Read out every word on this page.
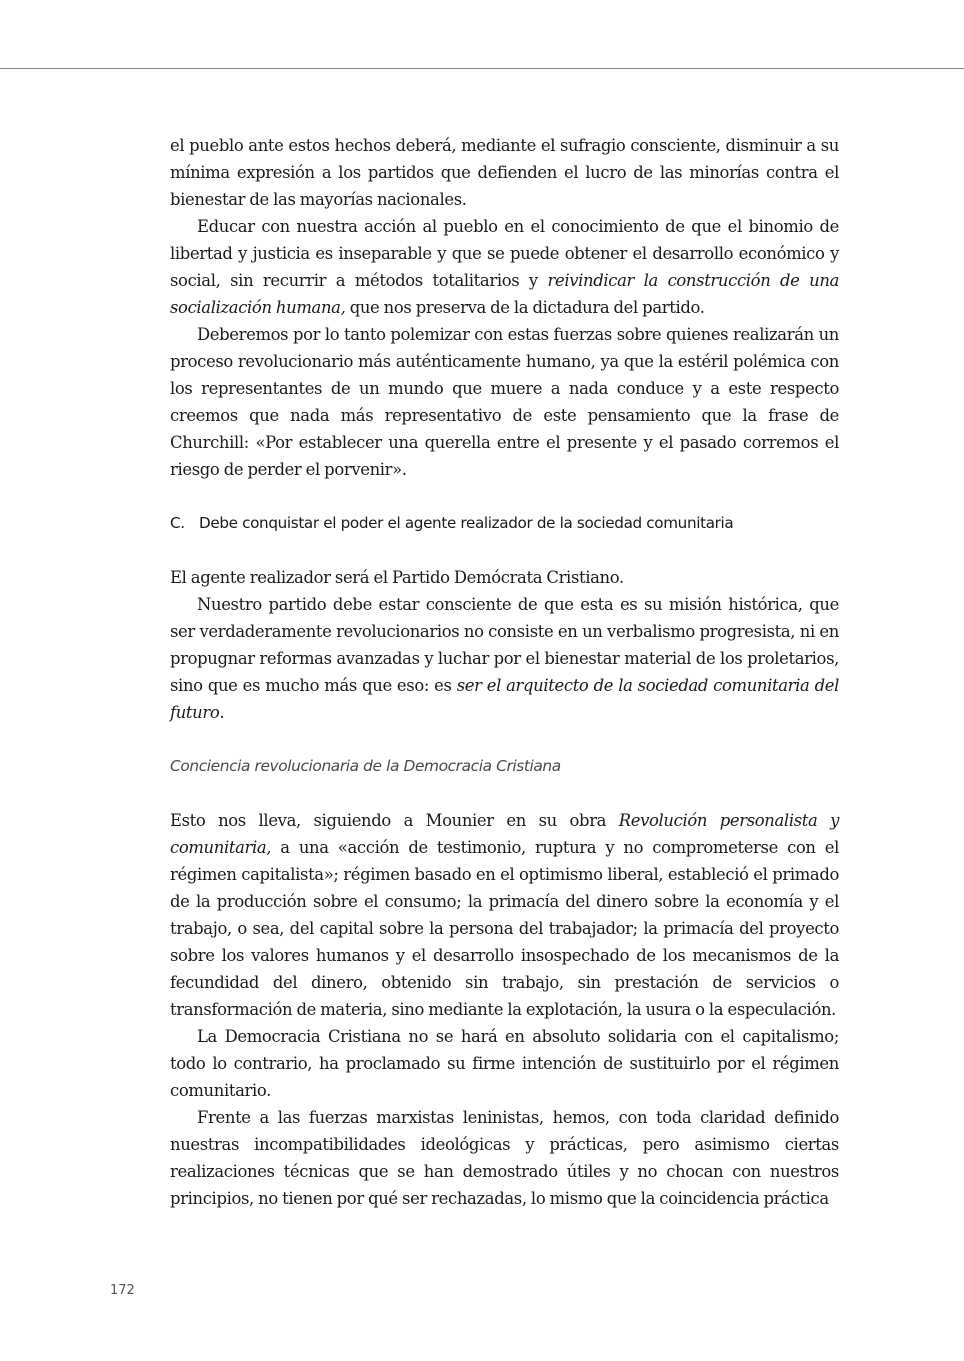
el pueblo ante estos hechos deberá, mediante el sufragio consciente, disminuir a su mínima expresión a los partidos que defienden el lucro de las minorías contra el bienestar de las mayorías nacionales.

Educar con nuestra acción al pueblo en el conocimiento de que el binomio de libertad y justicia es inseparable y que se puede obtener el desarrollo económico y social, sin recurrir a métodos totalitarios y reivindicar la construcción de una socialización humana, que nos preserva de la dictadura del partido.

Deberemos por lo tanto polemizar con estas fuerzas sobre quienes realizarán un proceso revolucionario más auténticamente humano, ya que la estéril polémica con los representantes de un mundo que muere a nada conduce y a este respecto creemos que nada más representativo de este pensamiento que la frase de Churchill: «Por establecer una querella entre el presente y el pasado corremos el riesgo de perder el porvenir».

C. Debe conquistar el poder el agente realizador de la sociedad comunitaria

El agente realizador será el Partido Demócrata Cristiano.

Nuestro partido debe estar consciente de que esta es su misión histórica, que ser verdaderamente revolucionarios no consiste en un verbalismo progresista, ni en propugnar reformas avanzadas y luchar por el bienestar material de los proletarios, sino que es mucho más que eso: es ser el arquitecto de la sociedad comunitaria del futuro.

Conciencia revolucionaria de la Democracia Cristiana

Esto nos lleva, siguiendo a Mounier en su obra Revolución personalista y comunitaria, a una «acción de testimonio, ruptura y no comprometerse con el régimen capitalista»; régimen basado en el optimismo liberal, estableció el primado de la producción sobre el consumo; la primacía del dinero sobre la economía y el trabajo, o sea, del capital sobre la persona del trabajador; la primacía del proyecto sobre los valores humanos y el desarrollo insospechado de los mecanismos de la fecundidad del dinero, obtenido sin trabajo, sin prestación de servicios o transformación de materia, sino mediante la explotación, la usura o la especulación.

La Democracia Cristiana no se hará en absoluto solidaria con el capitalismo; todo lo contrario, ha proclamado su firme intención de sustituirlo por el régimen comunitario.

Frente a las fuerzas marxistas leninistas, hemos, con toda claridad definido nuestras incompatibilidades ideológicas y prácticas, pero asimismo ciertas realizaciones técnicas que se han demostrado útiles y no chocan con nuestros principios, no tienen por qué ser rechazadas, lo mismo que la coincidencia práctica

172
